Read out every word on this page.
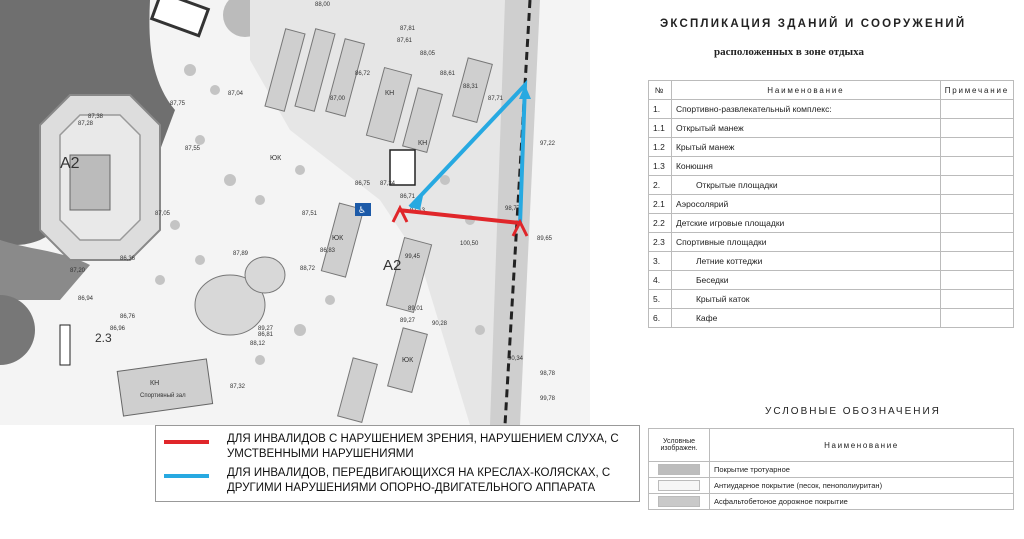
КН
Спортивный зал
A2
A2
2.3
КН
КН
ЮК
ЮК
ЮК
88,00
87,81
87,61
88,05
86,72
87,00
87,04
87,38
87,28
86,36
87,20
86,94
86,76
86,96
87,05
87,75
87,55
87,89
87,32
86,81
88,61
88,31
87,71
89,27
89,01
90,28
90,34
89,65
97,22
98,78
99,78
100,50
98,77
99,45
86,83
88,72
89,27
88,12
87,34
87,51
86,75
86,71
♿
ДЛЯ ИНВАЛИДОВ С НАРУШЕНИЕМ ЗРЕНИЯ, НАРУШЕНИЕМ СЛУХА, С УМСТВЕННЫМИ НАРУШЕНИЯМИ
ДЛЯ ИНВАЛИДОВ, ПЕРЕДВИГАЮЩИХСЯ НА КРЕСЛАХ-КОЛЯСКАХ, С ДРУГИМИ НАРУШЕНИЯМИ ОПОРНО-ДВИГАТЕЛЬНОГО АППАРАТА
ЭКСПЛИКАЦИЯ ЗДАНИЙ И СООРУЖЕНИЙ
расположенных в зоне отдыха
№	Наименование	Примечание
1.	Спортивно-развлекательный комплекс:	
1.1	Открытый манеж	
1.2	Крытый манеж	
1.3	Конюшня	
2.	Открытые площадки	
2.1	Аэросолярий	
2.2	Детские игровые площадки	
2.3	Спортивные площадки	
3.	Летние коттеджи	
4.	Беседки	
5.	Крытый каток	
6.	Кафе	
УСЛОВНЫЕ ОБОЗНАЧЕНИЯ
Условные изображен.	Наименование

	Покрытие тротуарное

	Антиударное покрытие (песок, пенополиуритан)

	Асфальтобетоное дорожное покрытие
